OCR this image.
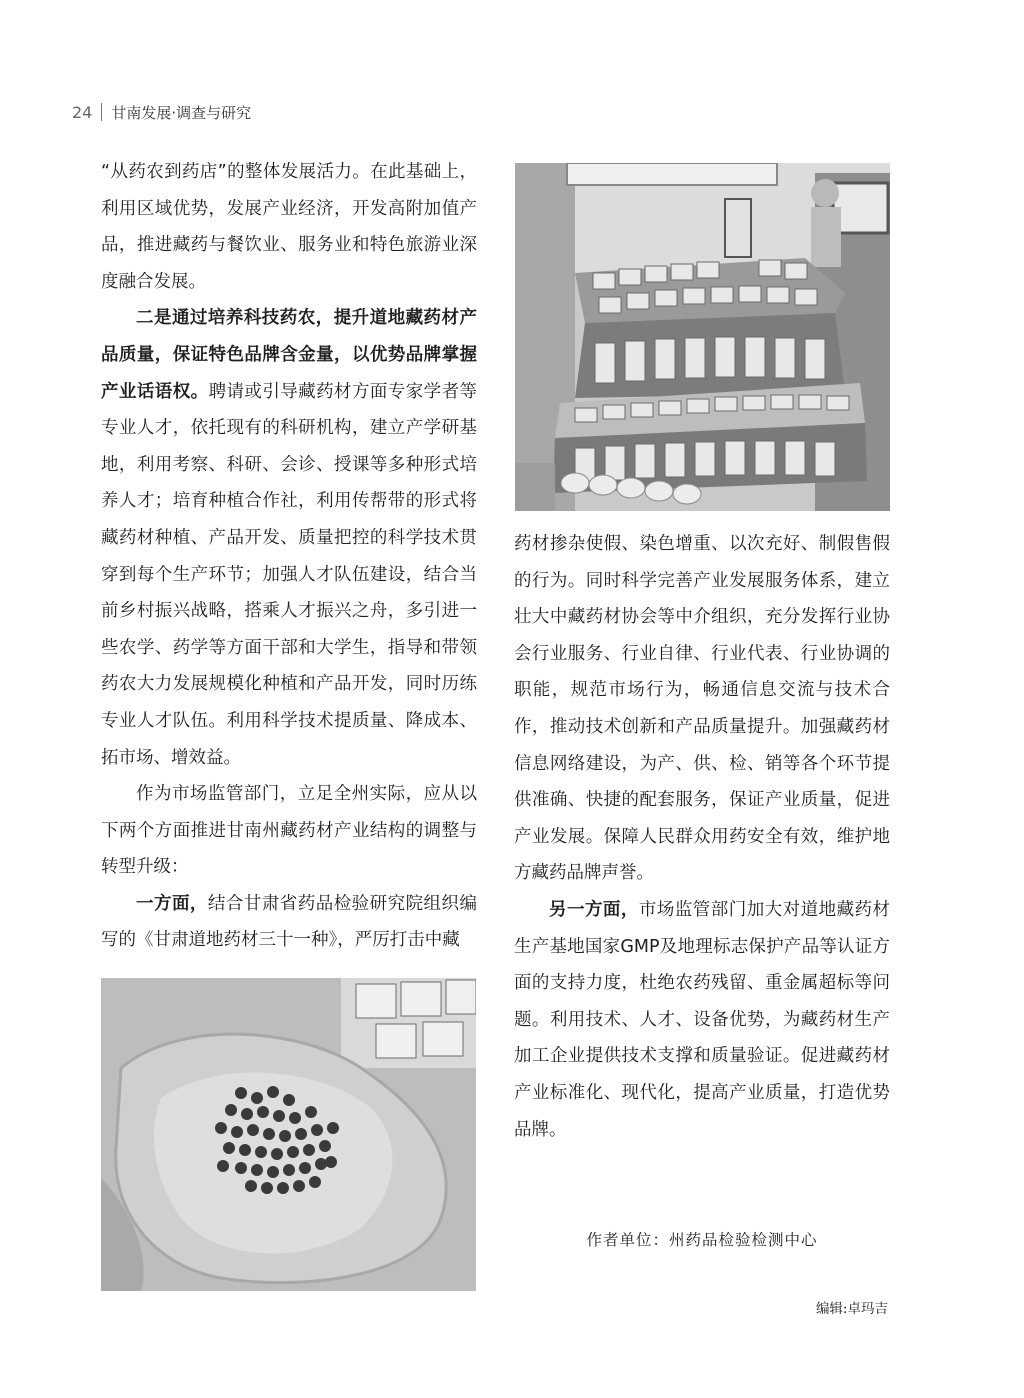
24 甘南发展·调查与研究

“从药农到药店”的整体发展活力。在此基础上，利用区域优势，发展产业经济，开发高附加值产品，推进藏药与餐饮业、服务业和特色旅游业深度融合发展。

二是通过培养科技药农，提升道地藏药材产品质量，保证特色品牌含金量，以优势品牌掌握产业话语权。聘请或引导藏药材方面专家学者等专业人才，依托现有的科研机构，建立产学研基地，利用考察、科研、会诊、授课等多种形式培养人才；培育种植合作社，利用传帮带的形式将藏药材种植、产品开发、质量把控的科学技术贯穿到每个生产环节；加强人才队伍建设，结合当前乡村振兴战略，搭乘人才振兴之舟，多引进一些农学、药学等方面干部和大学生，指导和带领药农大力发展规模化种植和产品开发，同时历练专业人才队伍。利用科学技术提质量、降成本、拓市场、增效益。

作为市场监管部门，立足全州实际，应从以下两个方面推进甘南州藏药材产业结构的调整与转型升级：

一方面，结合甘肃省药品检验研究院组织编写的《甘肃道地药材三十一种》，严厉打击中藏

药材掺杂使假、染色增重、以次充好、制假售假的行为。同时科学完善产业发展服务体系，建立壮大中藏药材协会等中介组织，充分发挥行业协会行业服务、行业自律、行业代表、行业协调的职能，规范市场行为，畅通信息交流与技术合作，推动技术创新和产品质量提升。加强藏药材信息网络建设，为产、供、检、销等各个环节提供准确、快捷的配套服务，保证产业质量，促进产业发展。保障人民群众用药安全有效，维护地方藏药品牌声誉。

另一方面，市场监管部门加大对道地藏药材生产基地国家GMP及地理标志保护产品等认证方面的支持力度，杜绝农药残留、重金属超标等问题。利用技术、人才、设备优势，为藏药材生产加工企业提供技术支撑和质量验证。促进藏药材产业标准化、现代化，提高产业质量，打造优势品牌。

作者单位：州药品检验检测中心
编辑:卓玛吉
